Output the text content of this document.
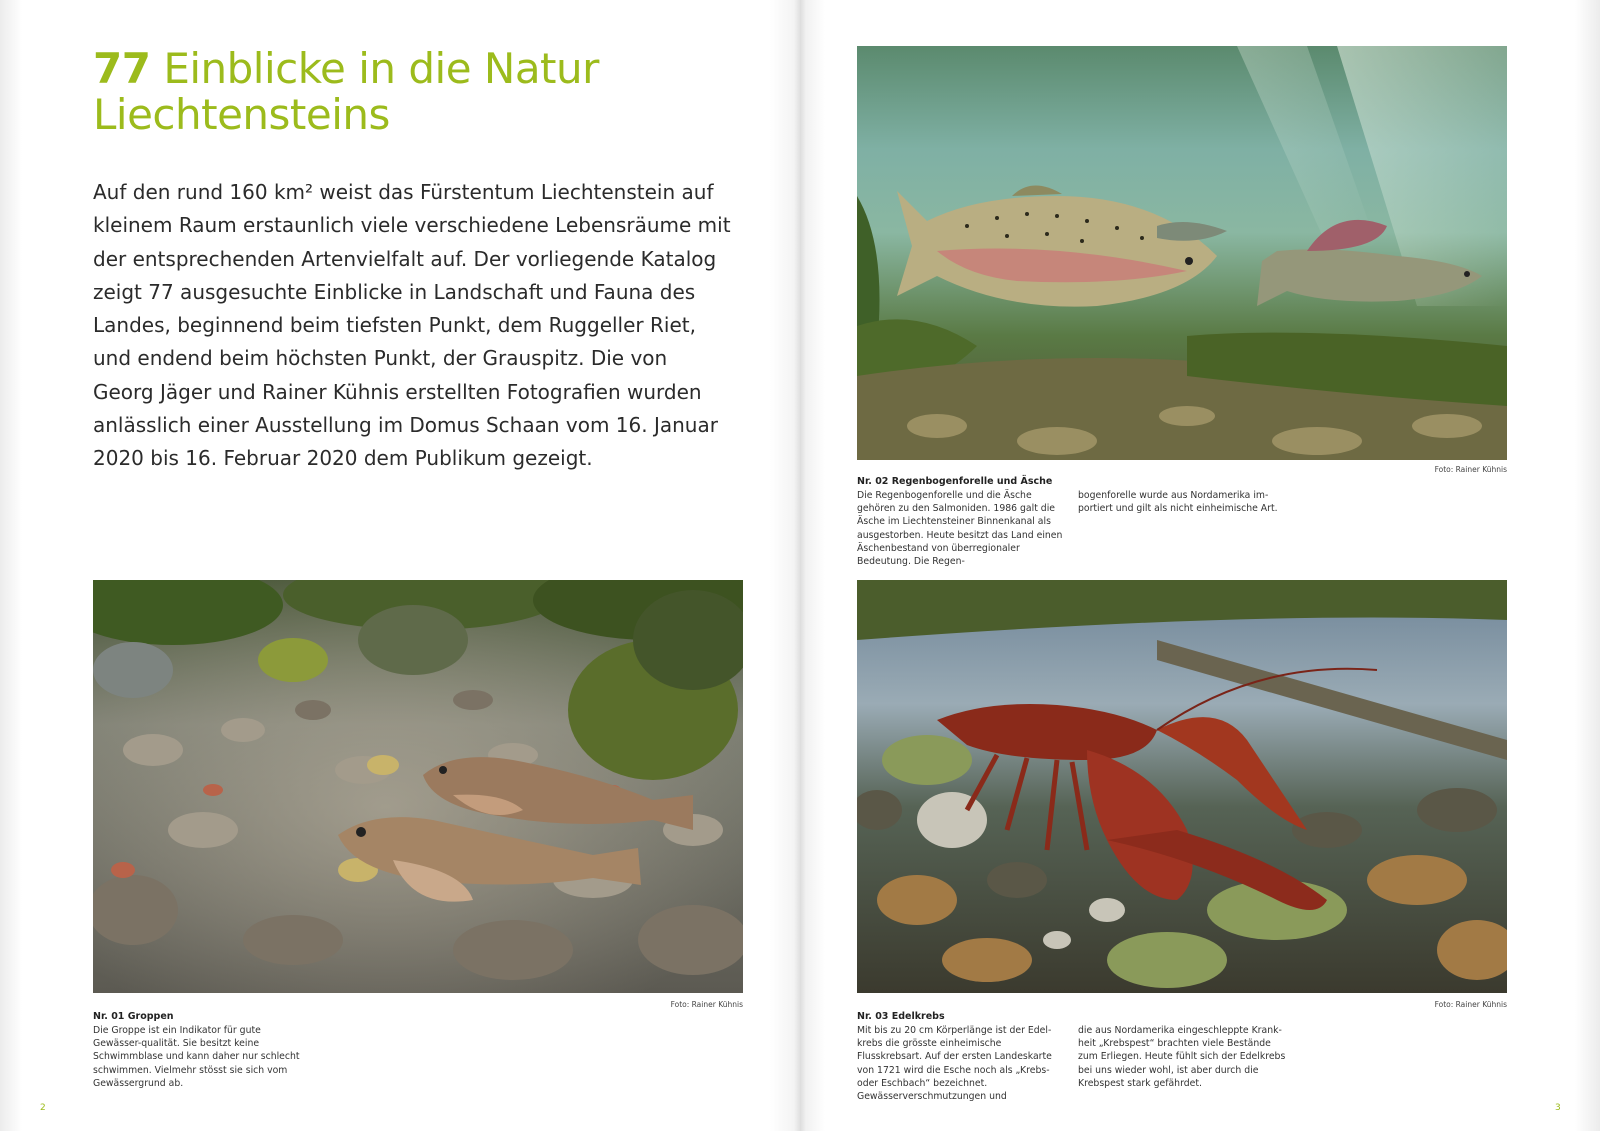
77 Einblicke in die Natur Liechtensteins

Auf den rund 160 km² weist das Fürstentum Liechtenstein auf kleinem Raum erstaunlich viele verschiedene Lebensräume mit der entsprechenden Artenvielfalt auf. Der vorliegende Katalog zeigt 77 ausgesuchte Einblicke in Landschaft und Fauna des Landes, beginnend beim tiefsten Punkt, dem Ruggeller Riet, und endend beim höchsten Punkt, der Grauspitz. Die von Georg Jäger und Rainer Kühnis erstellten Fotografien wurden anlässlich einer Ausstellung im Domus Schaan vom 16. Januar 2020 bis 16. Februar 2020 dem Publikum gezeigt.

Foto: Rainer Kühnis
Nr. 01 Groppen
Die Groppe ist ein Indikator für gute Gewässer-qualität. Sie besitzt keine Schwimmblase und kann daher nur schlecht schwimmen. Vielmehr stösst sie sich vom Gewässergrund ab.
2
Foto: Rainer Kühnis
Nr. 02 Regenbogenforelle und Äsche
Die Regenbogenforelle und die Äsche gehören zu den Salmoniden. 1986 galt die Äsche im Liechtensteiner Binnenkanal als ausgestorben. Heute besitzt das Land einen Äschenbestand von überregionaler Bedeutung. Die Regen-
bogenforelle wurde aus Nordamerika im-portiert und gilt als nicht einheimische Art.
Foto: Rainer Kühnis
Nr. 03 Edelkrebs
Mit bis zu 20 cm Körperlänge ist der Edel-krebs die grösste einheimische Flusskrebsart. Auf der ersten Landeskarte von 1721 wird die Esche noch als „Krebs- oder Eschbach“ bezeichnet. Gewässerverschmutzungen und
die aus Nordamerika eingeschleppte Krank-heit „Krebspest“ brachten viele Bestände zum Erliegen. Heute fühlt sich der Edelkrebs bei uns wieder wohl, ist aber durch die Krebspest stark gefährdet.
3
